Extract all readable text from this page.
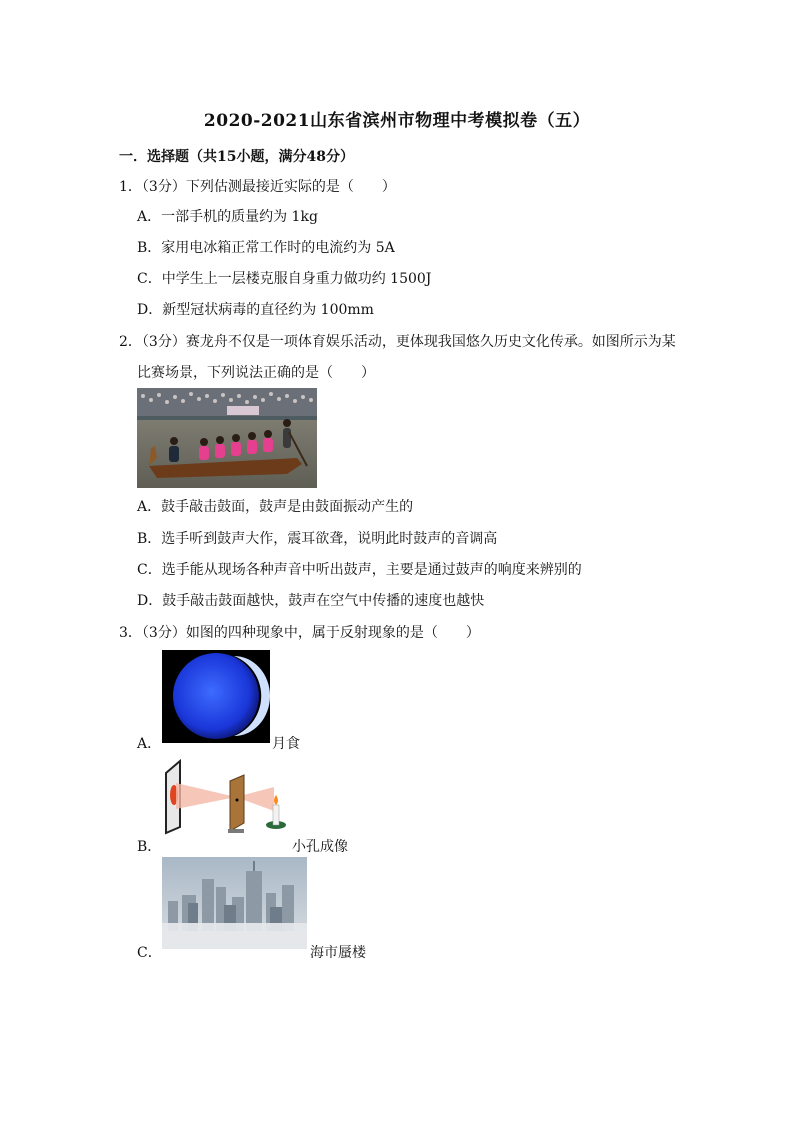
2020-2021山东省滨州市物理中考模拟卷（五）
一．选择题（共15小题，满分48分）
1．（3分）下列估测最接近实际的是（　　）
A．一部手机的质量约为 1kg
B．家用电冰箱正常工作时的电流约为 5A
C．中学生上一层楼克服自身重力做功约 1500J
D．新型冠状病毒的直径约为 100mm
2．（3分）赛龙舟不仅是一项体育娱乐活动，更体现我国悠久历史文化传承。如图所示为某
比赛场景，下列说法正确的是（　　）
A．鼓手敲击鼓面，鼓声是由鼓面振动产生的
B．选手听到鼓声大作，震耳欲聋，说明此时鼓声的音调高
C．选手能从现场各种声音中听出鼓声，主要是通过鼓声的响度来辨别的
D．鼓手敲击鼓面越快，鼓声在空气中传播的速度也越快
3．（3分）如图的四种现象中，属于反射现象的是（　　）
A．	月食
B．	小孔成像
C．	海市蜃楼
